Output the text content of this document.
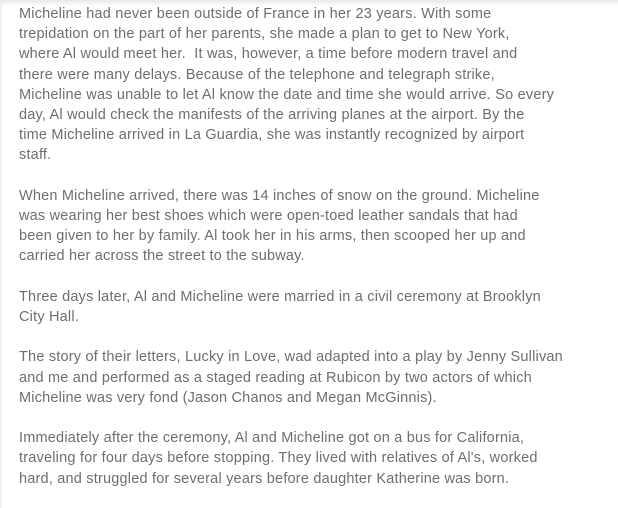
Micheline had never been outside of France in her 23 years. With some
trepidation on the part of her parents, she made a plan to get to New York,
where Al would meet her.  It was, however, a time before modern travel and
there were many delays. Because of the telephone and telegraph strike,
Micheline was unable to let Al know the date and time she would arrive. So every
day, Al would check the manifests of the arriving planes at the airport. By the
time Micheline arrived in La Guardia, she was instantly recognized by airport
staff.
When Micheline arrived, there was 14 inches of snow on the ground. Micheline
was wearing her best shoes which were open-toed leather sandals that had
been given to her by family. Al took her in his arms, then scooped her up and
carried her across the street to the subway.
Three days later, Al and Micheline were married in a civil ceremony at Brooklyn
City Hall.
The story of their letters, Lucky in Love, wad adapted into a play by Jenny Sullivan
and me and performed as a staged reading at Rubicon by two actors of which
Micheline was very fond (Jason Chanos and Megan McGinnis).
Immediately after the ceremony, Al and Micheline got on a bus for California,
traveling for four days before stopping. They lived with relatives of Al's, worked
hard, and struggled for several years before daughter Katherine was born.
